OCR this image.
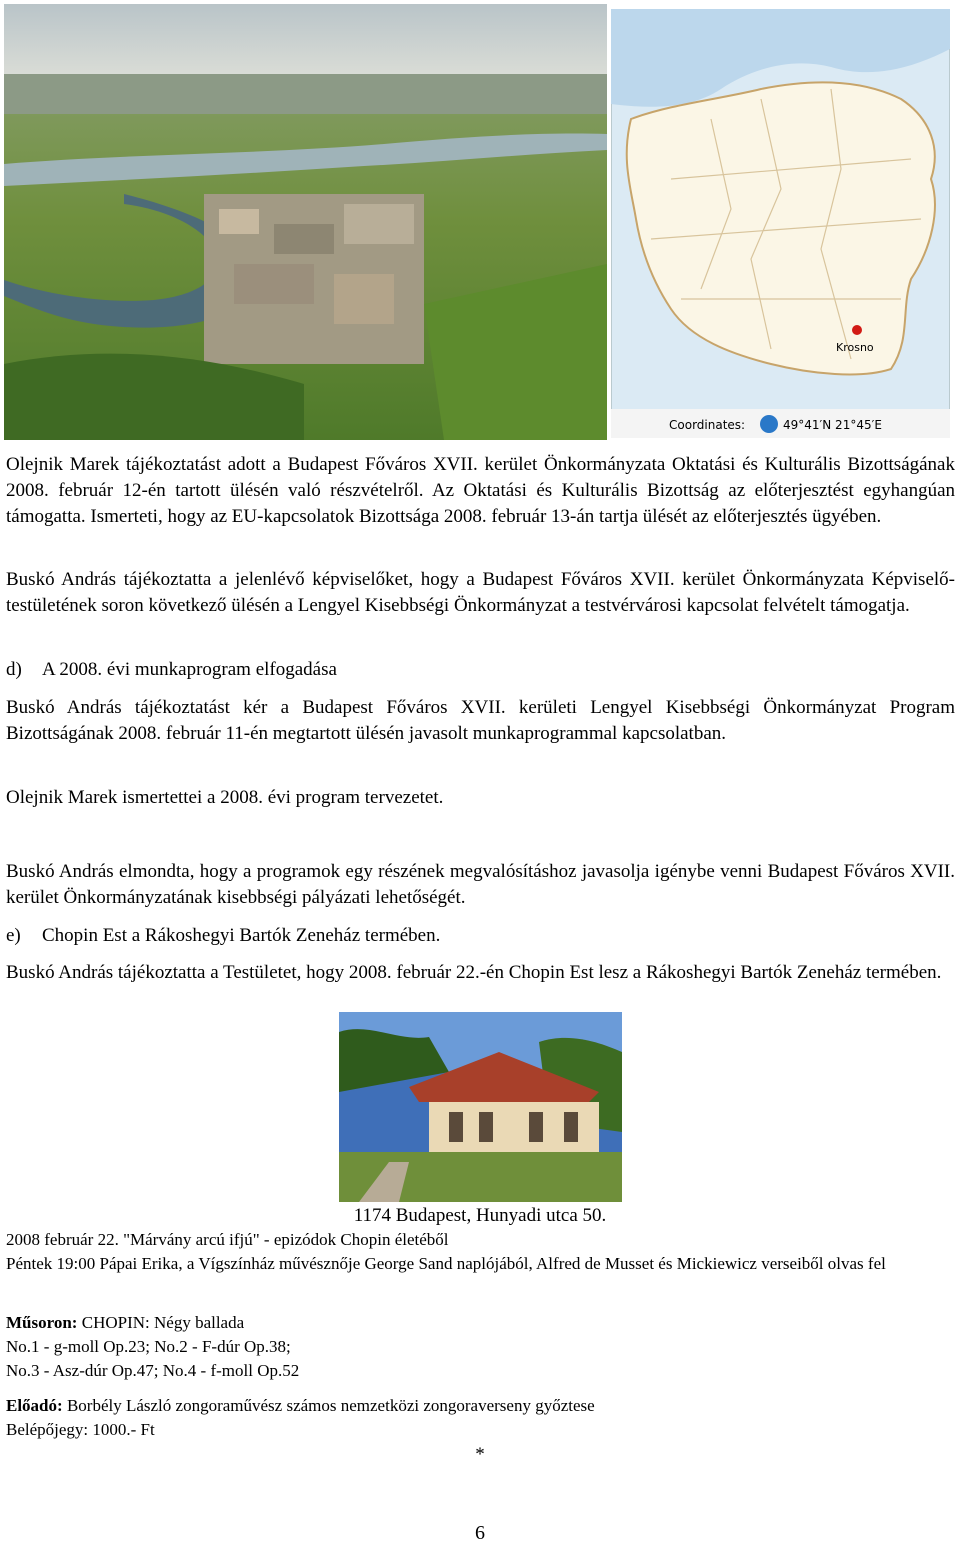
Krosno
Coordinates:	49°41′N 21°45′E

Olejnik Marek tájékoztatást adott a Budapest Főváros XVII. kerület Önkormányzata Oktatási és Kulturális Bizottságának 2008. február 12-én tartott ülésén való részvételről. Az Oktatási és Kulturális Bizottság az előterjesztést egyhangúan támogatta. Ismerteti, hogy az EU-kapcsolatok Bizottsága 2008. február 13-án tartja ülését az előterjesztés ügyében.

Buskó András tájékoztatta a jelenlévő képviselőket, hogy a Budapest Főváros XVII. kerület Önkormányzata Képviselő-testületének soron következő ülésén a Lengyel Kisebbségi Önkormányzat a testvérvárosi kapcsolat felvételt támogatja.

d) A 2008. évi munkaprogram elfogadása

Buskó András tájékoztatást kér a Budapest Főváros XVII. kerületi Lengyel Kisebbségi Önkormányzat Program Bizottságának 2008. február 11-én megtartott ülésén javasolt munkaprogrammal kapcsolatban.

Olejnik Marek ismertettei a 2008. évi program tervezetet.

Buskó András elmondta, hogy a programok egy részének megvalósításhoz javasolja igénybe venni Budapest Főváros XVII. kerület Önkormányzatának kisebbségi pályázati lehetőségét.

e) Chopin Est a Rákoshegyi Bartók Zeneház termében.

Buskó András tájékoztatta a Testületet, hogy 2008. február 22.-én Chopin Est lesz a Rákoshegyi Bartók Zeneház termében.

1174 Budapest, Hunyadi utca 50.

2008 február 22. "Márvány arcú ifjú" - epizódok Chopin életéből

Péntek 19:00 Pápai Erika, a Vígszínház művésznője George Sand naplójából, Alfred de Musset és Mickiewicz verseiből olvas fel

Műsoron: CHOPIN: Négy ballada

No.1 - g-moll Op.23; No.2 - F-dúr Op.38;

No.3 - Asz-dúr Op.47; No.4 - f-moll Op.52

Előadó: Borbély László zongoraművész számos nemzetközi zongoraverseny győztese

Belépőjegy: 1000.- Ft

*
6
